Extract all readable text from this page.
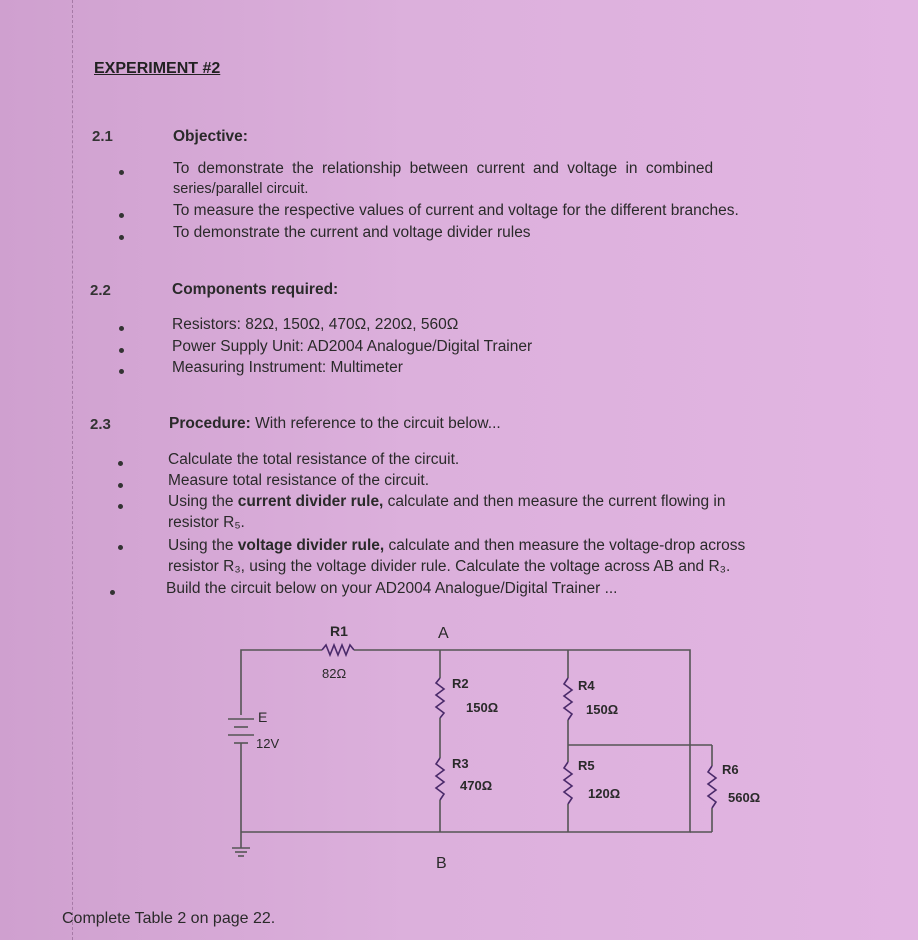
EXPERIMENT #2
2.1	Objective:
To demonstrate the relationship between current and voltage in combined
series/parallel circuit.
To measure the respective values of current and voltage for the different branches.
To demonstrate the current and voltage divider rules
2.2	Components required:
Resistors: 82Ω, 150Ω, 470Ω, 220Ω, 560Ω
Power Supply Unit: AD2004 Analogue/Digital Trainer
Measuring Instrument: Multimeter
2.3	Procedure: With reference to the circuit below...
Calculate the total resistance of the circuit.
Measure total resistance of the circuit.
Using the current divider rule, calculate and then measure the current flowing in
resistor R₅.
Using the voltage divider rule, calculate and then measure the voltage-drop across
resistor R₃, using the voltage divider rule. Calculate the voltage across AB and R₃.
Build the circuit below on your AD2004 Analogue/Digital Trainer ...
R1
82Ω
A
B
R2
150Ω
R3
470Ω
R4
150Ω
R5
120Ω
R6
560Ω
E
12V
Complete Table 2 on page 22.
